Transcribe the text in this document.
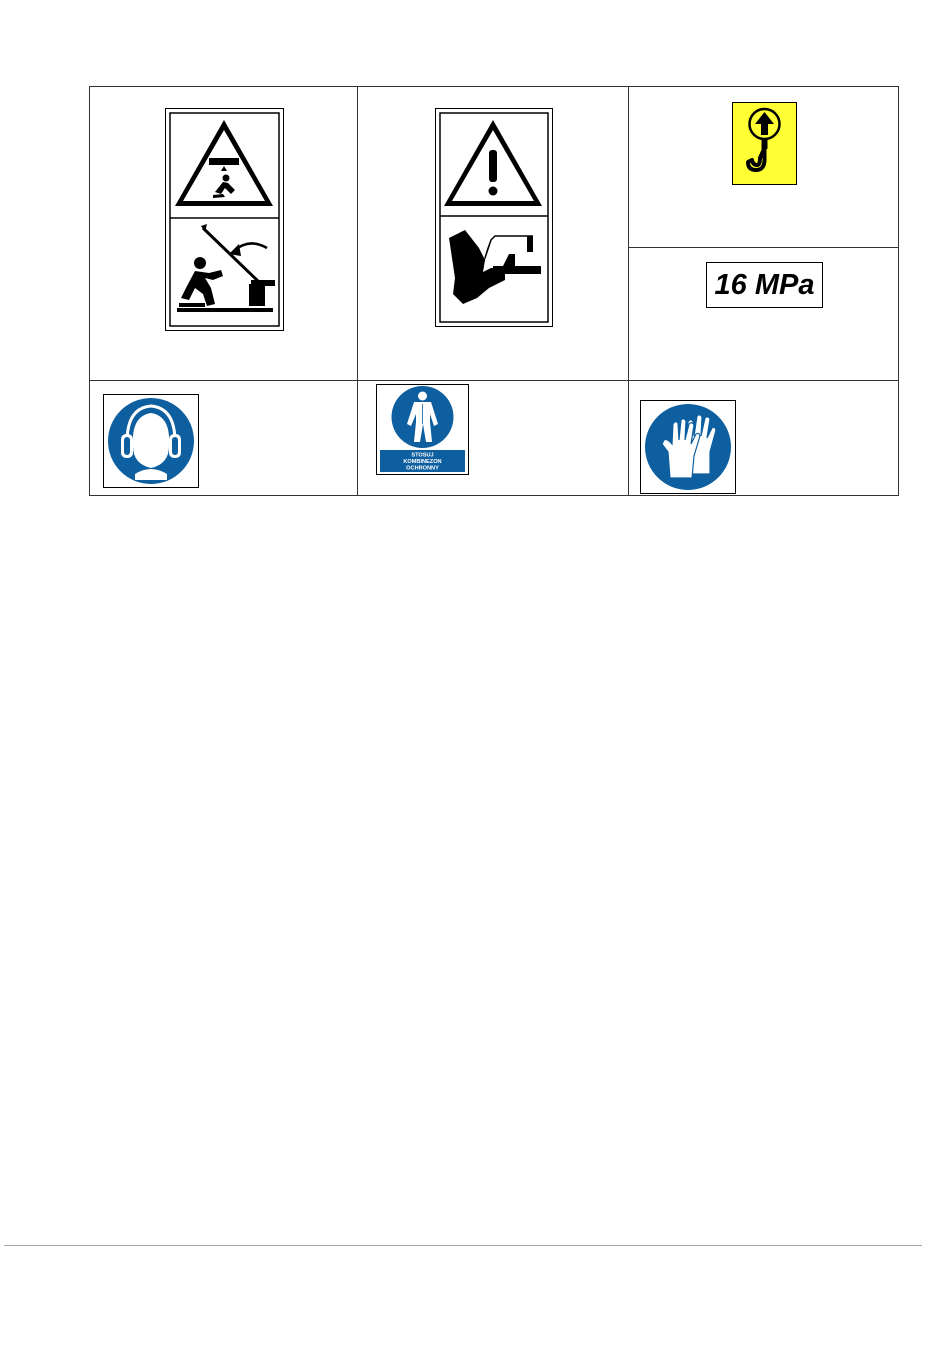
16 MPa
STOSUJ
KOMBINEZON
OCHRONNY
